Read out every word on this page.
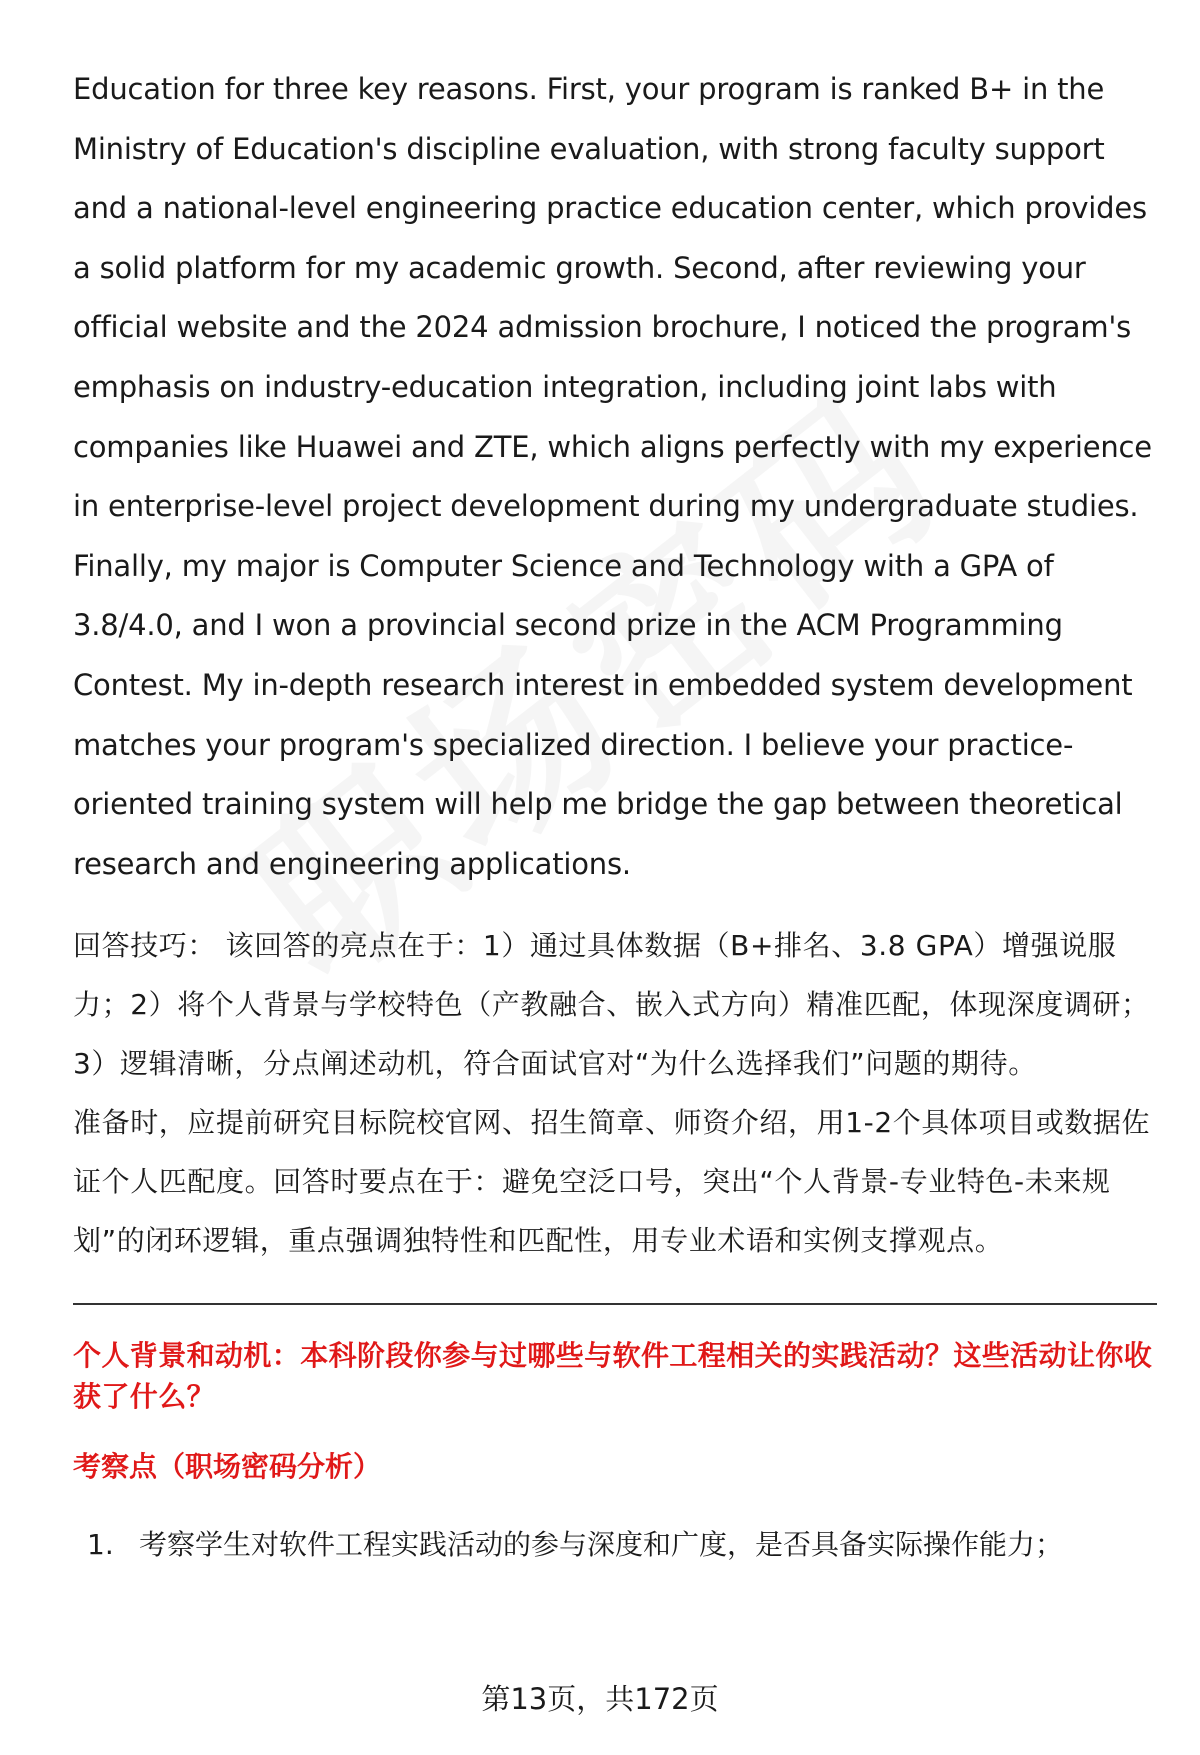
Education for three key reasons. First, your program is ranked B+ in the Ministry of Education's discipline evaluation, with strong faculty support and a national-level engineering practice education center, which provides a solid platform for my academic growth. Second, after reviewing your official website and the 2024 admission brochure, I noticed the program's emphasis on industry-education integration, including joint labs with companies like Huawei and ZTE, which aligns perfectly with my experience in enterprise-level project development during my undergraduate studies. Finally, my major is Computer Science and Technology with a GPA of 3.8/4.0, and I won a provincial second prize in the ACM Programming Contest. My in-depth research interest in embedded system development matches your program's specialized direction. I believe your practice-oriented training system will help me bridge the gap between theoretical research and engineering applications.

回答技巧： 该回答的亮点在于：1）通过具体数据（B+排名、3.8 GPA）增强说服力；2）将个人背景与学校特色（产教融合、嵌入式方向）精准匹配，体现深度调研；3）逻辑清晰，分点阐述动机，符合面试官对“为什么选择我们”问题的期待。

准备时，应提前研究目标院校官网、招生简章、师资介绍，用1-2个具体项目或数据佐证个人匹配度。回答时要点在于：避免空泛口号，突出“个人背景-专业特色-未来规划”的闭环逻辑，重点强调独特性和匹配性，用专业术语和实例支撑观点。

个人背景和动机：本科阶段你参与过哪些与软件工程相关的实践活动？这些活动让你收获了什么？

考察点（职场密码分析）

1. 考察学生对软件工程实践活动的参与深度和广度，是否具备实际操作能力；
第13页，共172页
